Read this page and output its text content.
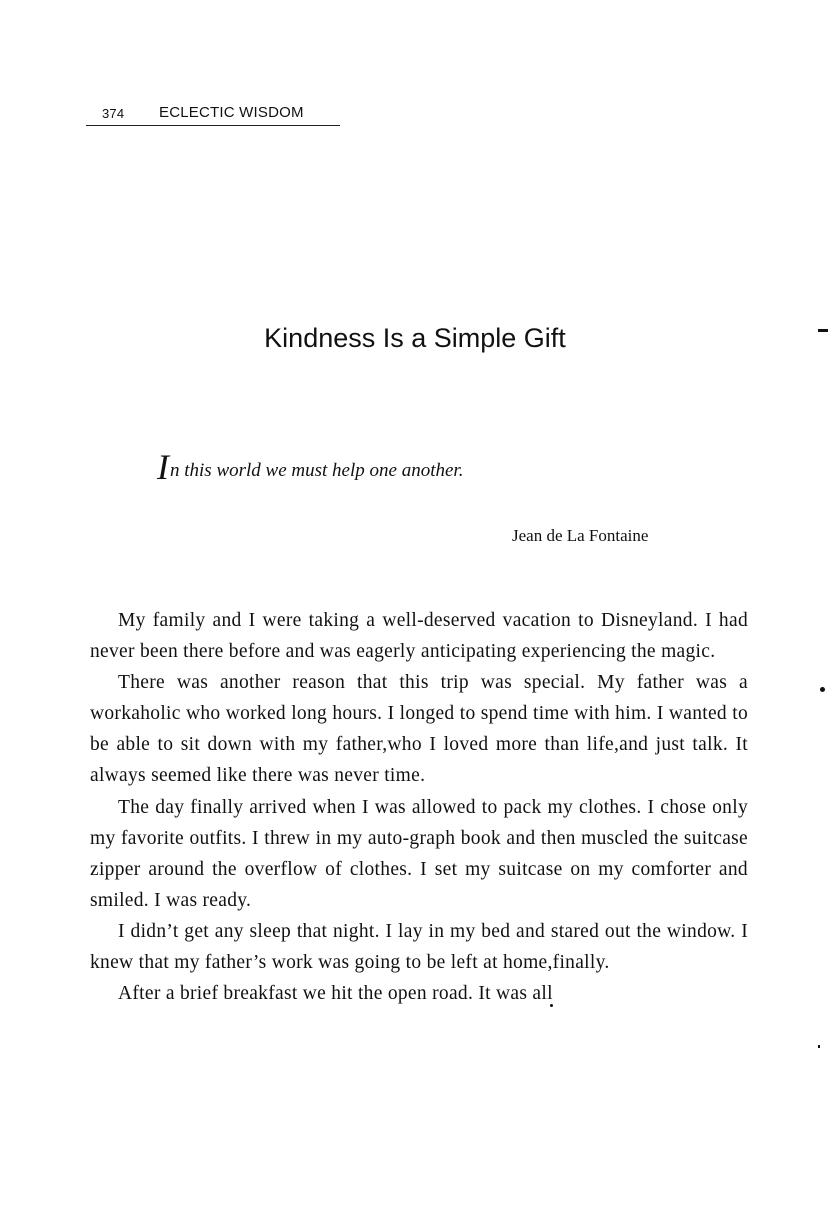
374 ECLECTIC WISDOM
Kindness Is a Simple Gift
In this world we must help one another.
Jean de La Fontaine

My family and I were taking a well-deserved vacation to Disneyland. I had never been there before and was eagerly anticipating experiencing the magic.

There was another reason that this trip was special. My father was a workaholic who worked long hours. I longed to spend time with him. I wanted to be able to sit down with my father,who I loved more than life,and just talk. It always seemed like there was never time.

The day finally arrived when I was allowed to pack my clothes. I chose only my favorite outfits. I threw in my auto-graph book and then muscled the suitcase zipper around the overflow of clothes. I set my suitcase on my comforter and smiled. I was ready.

I didn’t get any sleep that night. I lay in my bed and stared out the window. I knew that my father’s work was going to be left at home,finally.

After a brief breakfast we hit the open road. It was all
